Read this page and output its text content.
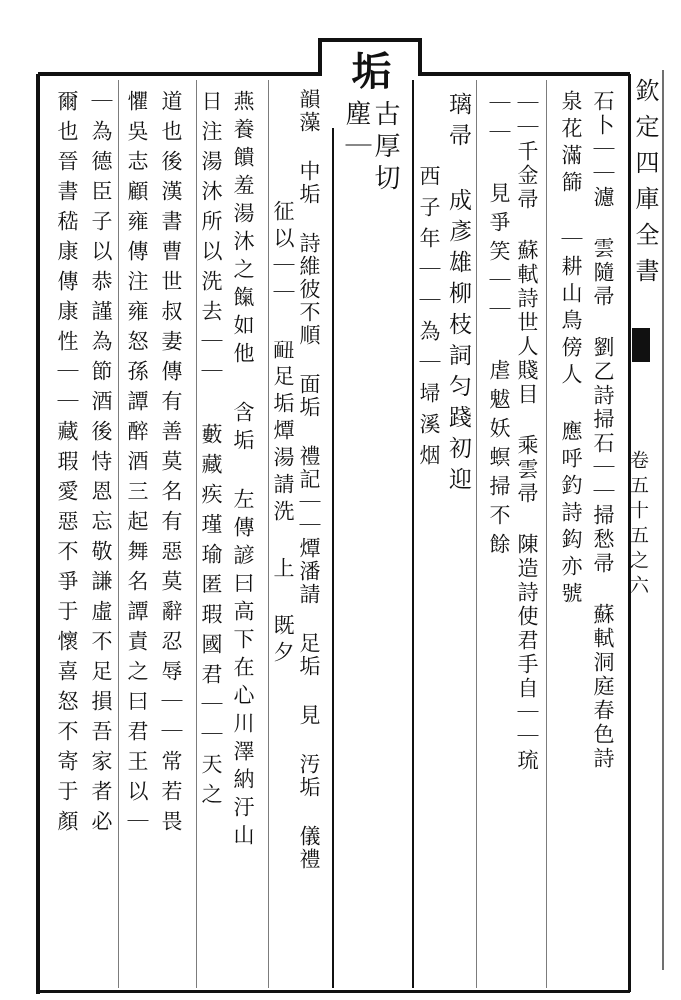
欽定四庫全書
卷五十五之六
垢
古厚切
塵｜	石卜｜｜濾 雲隨帚 劉乙詩掃石｜｜掃愁帚 蘇軾洞庭春色詩
泉花滿篩 ｜耕山鳥傍人 應呼釣詩鈎亦號
｜｜千金帚 蘇軾詩世人賤目 乘雲帚 陳造詩使君手自｜｜琉
｜｜ 見爭笑｜｜ 虐魃妖螟掃不餘
璃帚 成彥雄柳枝詞匀踐初迎
西子年｜｜為｜埽溪烟
韻藻 中垢 詩維彼不順 面垢 禮記｜｜燂潘請 足垢 見 汚垢 儀禮
征以｜｜ 𩈇足垢燂湯請洗 上 既夕
燕養饋羞湯沐之餼如他 含垢 左傳諺曰高下在心川澤納汙山
日注湯沐所以洗去｜｜ 藪藏疾瑾瑜匿瑕國君｜｜天之
道也後漢書曹世叔妻傳有善莫名有惡莫辭忍辱｜｜常若畏
懼吳志顧雍傳注雍怒孫譚醉酒三起舞名譚責之曰君王以｜
｜為德臣子以恭謹為節酒後恃恩忘敬謙虛不足損吾家者必
爾也晉書嵇康傳康性｜｜藏瑕愛惡不爭于懷喜怒不寄于顏
